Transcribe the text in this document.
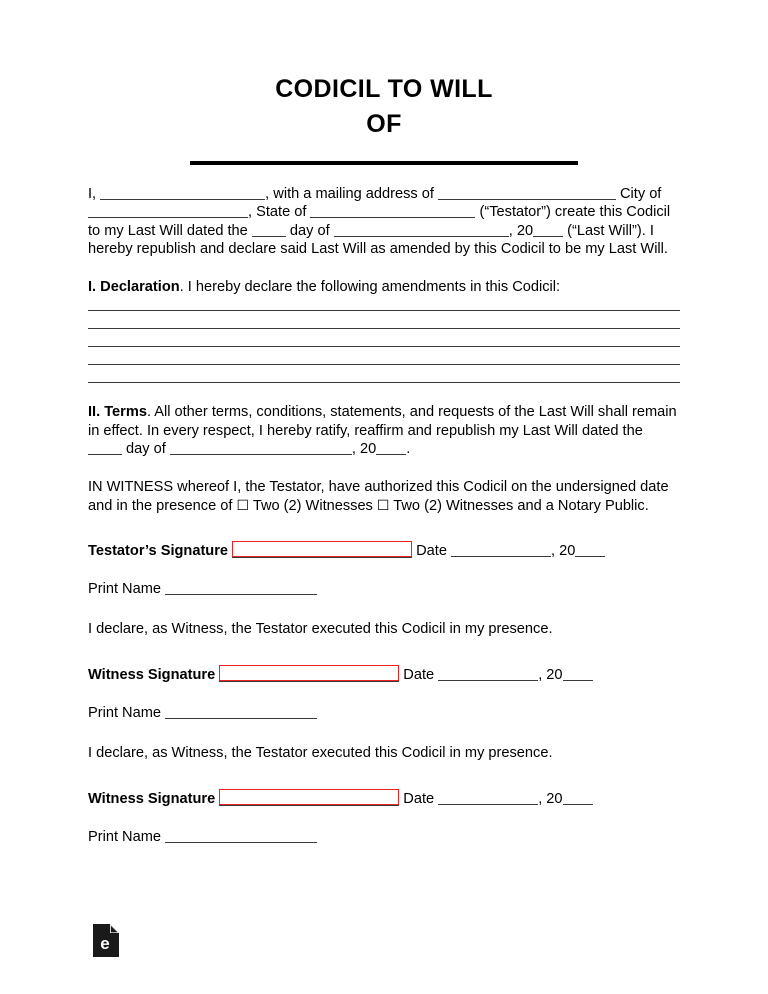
CODICIL TO WILL
OF
I,	, with a mailing address of	City of , State of	(“Testator”) create this Codicil to my Last Will dated the  day of	, 20 (“Last Will”). I hereby republish and declare said Last Will as amended by this Codicil to be my Last Will.
I. Declaration. I hereby declare the following amendments in this Codicil:
II. Terms. All other terms, conditions, statements, and requests of the Last Will shall remain in effect. In every respect, I hereby ratify, reaffirm and republish my Last Will dated the  day of	, 20 .
IN WITNESS whereof I, the Testator, have authorized this Codicil on the undersigned date and in the presence of ☐ Two (2) Witnesses ☐ Two (2) Witnesses and a Notary Public.
Testator’s Signature	Date	, 20
Print Name
I declare, as Witness, the Testator executed this Codicil in my presence.
Witness Signature	Date	, 20
Print Name
I declare, as Witness, the Testator executed this Codicil in my presence.
Witness Signature	Date	, 20
Print Name
e
